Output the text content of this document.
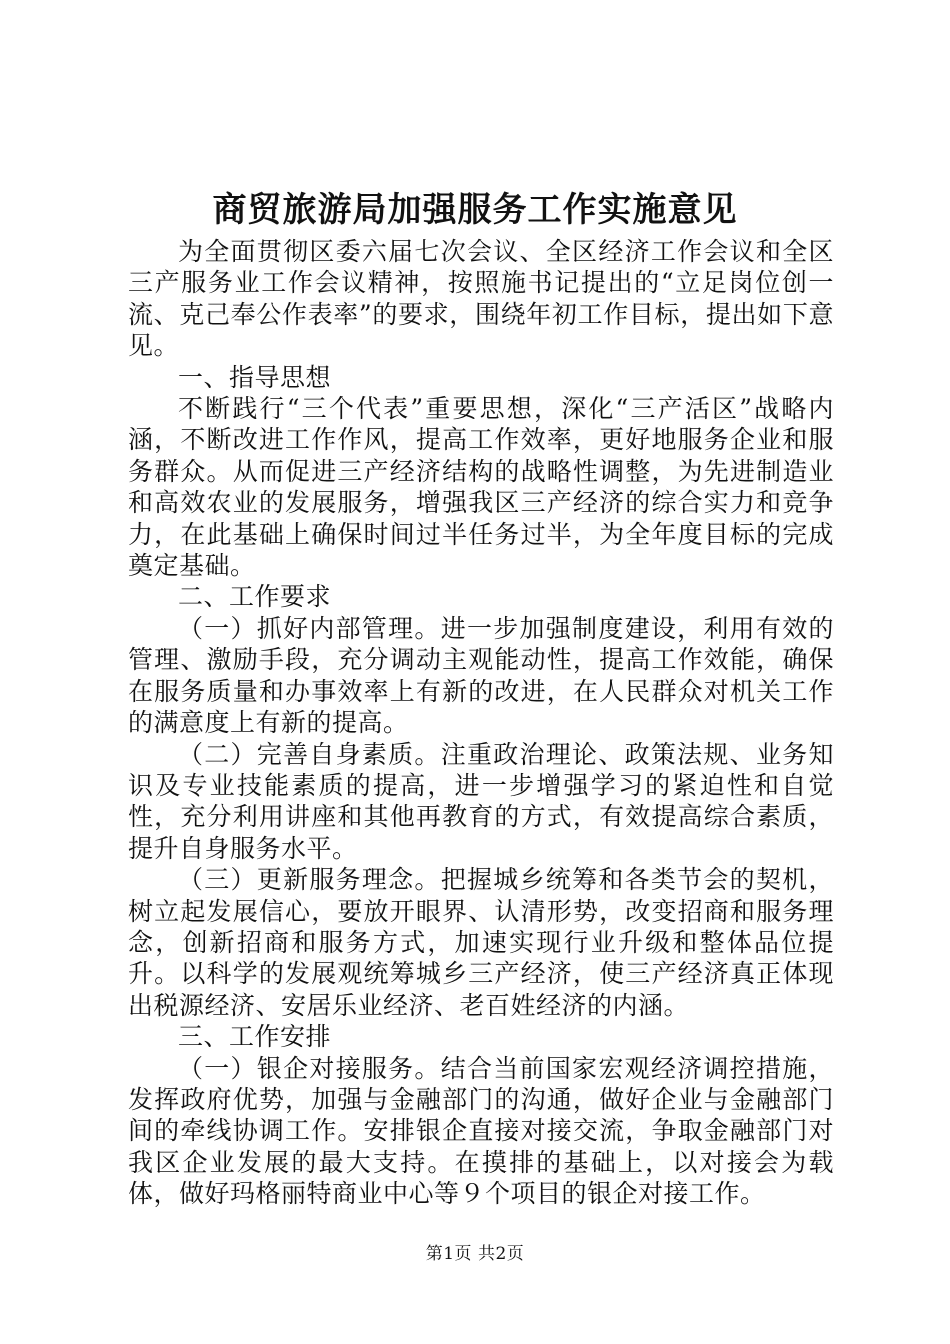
商贸旅游局加强服务工作实施意见

为全面贯彻区委六届七次会议、全区经济工作会议和全区三产服务业工作会议精神，按照施书记提出的“立足岗位创一流、克己奉公作表率”的要求，围绕年初工作目标，提出如下意见。

一、指导思想

不断践行“三个代表”重要思想，深化“三产活区”战略内涵，不断改进工作作风，提高工作效率，更好地服务企业和服务群众。从而促进三产经济结构的战略性调整，为先进制造业和高效农业的发展服务，增强我区三产经济的综合实力和竞争力，在此基础上确保时间过半任务过半，为全年度目标的完成奠定基础。

二、工作要求

（一）抓好内部管理。进一步加强制度建设，利用有效的管理、激励手段，充分调动主观能动性，提高工作效能，确保在服务质量和办事效率上有新的改进，在人民群众对机关工作的满意度上有新的提高。

（二）完善自身素质。注重政治理论、政策法规、业务知识及专业技能素质的提高，进一步增强学习的紧迫性和自觉性，充分利用讲座和其他再教育的方式，有效提高综合素质，提升自身服务水平。

（三）更新服务理念。把握城乡统筹和各类节会的契机，树立起发展信心，要放开眼界、认清形势，改变招商和服务理念，创新招商和服务方式，加速实现行业升级和整体品位提升。以科学的发展观统筹城乡三产经济，使三产经济真正体现出税源经济、安居乐业经济、老百姓经济的内涵。

三、工作安排

（一）银企对接服务。结合当前国家宏观经济调控措施，发挥政府优势，加强与金融部门的沟通，做好企业与金融部门间的牵线协调工作。安排银企直接对接交流，争取金融部门对我区企业发展的最大支持。在摸排的基础上，以对接会为载体，做好玛格丽特商业中心等９个项目的银企对接工作。

第1页 共2页
